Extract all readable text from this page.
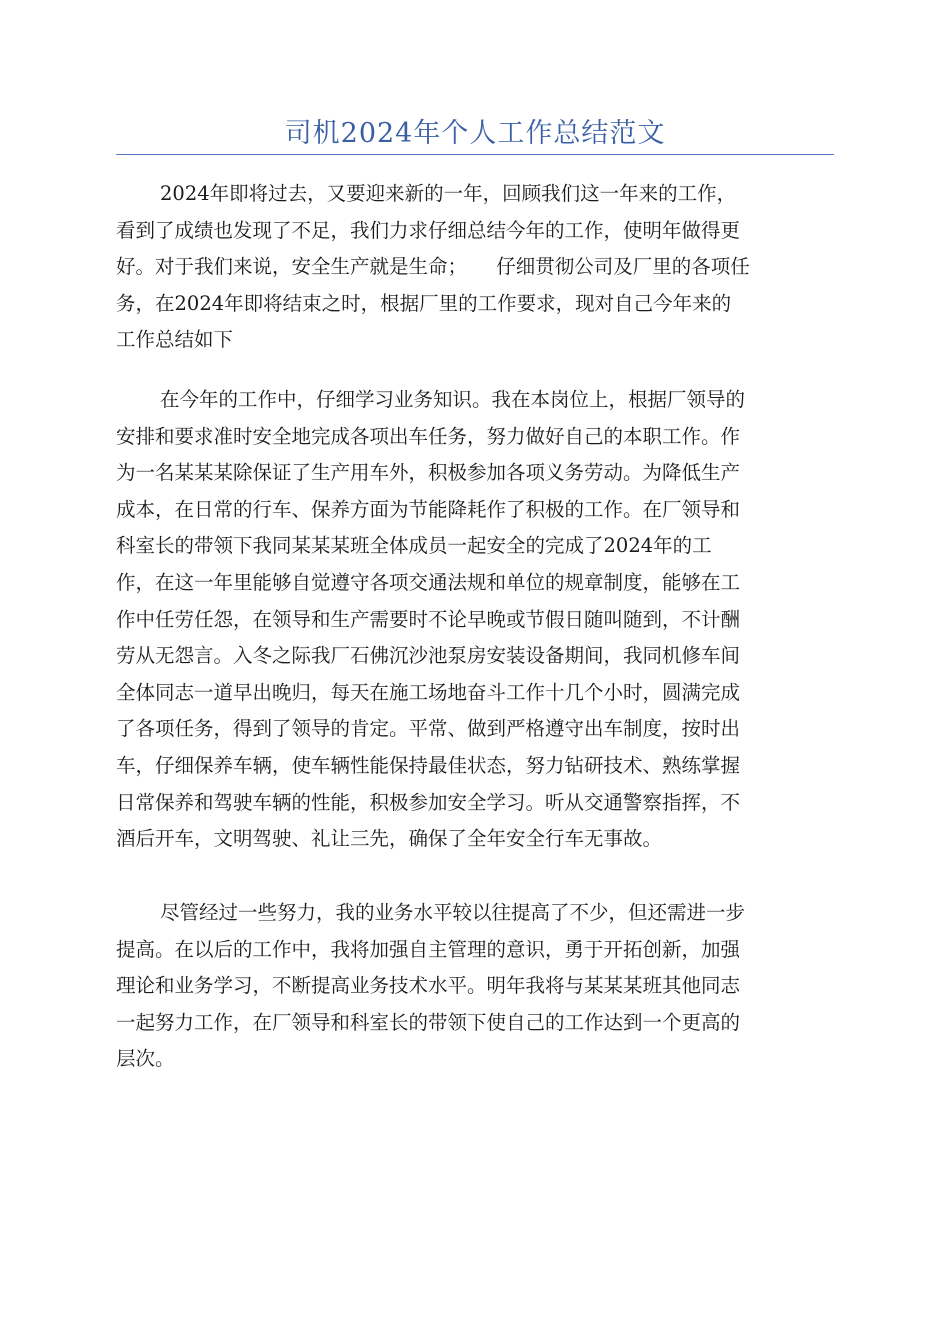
司机2024年个人工作总结范文
2024年即将过去，又要迎来新的一年，回顾我们这一年来的工作，
看到了成绩也发现了不足，我们力求仔细总结今年的工作，使明年做得更
好。对于我们来说，安全生产就是生命；　　仔细贯彻公司及厂里的各项任
务，在2024年即将结束之时，根据厂里的工作要求，现对自己今年来的
工作总结如下
在今年的工作中，仔细学习业务知识。我在本岗位上，根据厂领导的
安排和要求准时安全地完成各项出车任务，努力做好自己的本职工作。作
为一名某某某除保证了生产用车外，积极参加各项义务劳动。为降低生产
成本，在日常的行车、保养方面为节能降耗作了积极的工作。在厂领导和
科室长的带领下我同某某某班全体成员一起安全的完成了2024年的工
作，在这一年里能够自觉遵守各项交通法规和单位的规章制度，能够在工
作中任劳任怨，在领导和生产需要时不论早晚或节假日随叫随到，不计酬
劳从无怨言。入冬之际我厂石佛沉沙池泵房安装设备期间，我同机修车间
全体同志一道早出晚归，每天在施工场地奋斗工作十几个小时，圆满完成
了各项任务，得到了领导的肯定。平常、做到严格遵守出车制度，按时出
车，仔细保养车辆，使车辆性能保持最佳状态，努力钻研技术、熟练掌握
日常保养和驾驶车辆的性能，积极参加安全学习。听从交通警察指挥，不
酒后开车，文明驾驶、礼让三先，确保了全年安全行车无事故。
尽管经过一些努力，我的业务水平较以往提高了不少，但还需进一步
提高。在以后的工作中，我将加强自主管理的意识，勇于开拓创新，加强
理论和业务学习，不断提高业务技术水平。明年我将与某某某班其他同志
一起努力工作，在厂领导和科室长的带领下使自己的工作达到一个更高的
层次。
